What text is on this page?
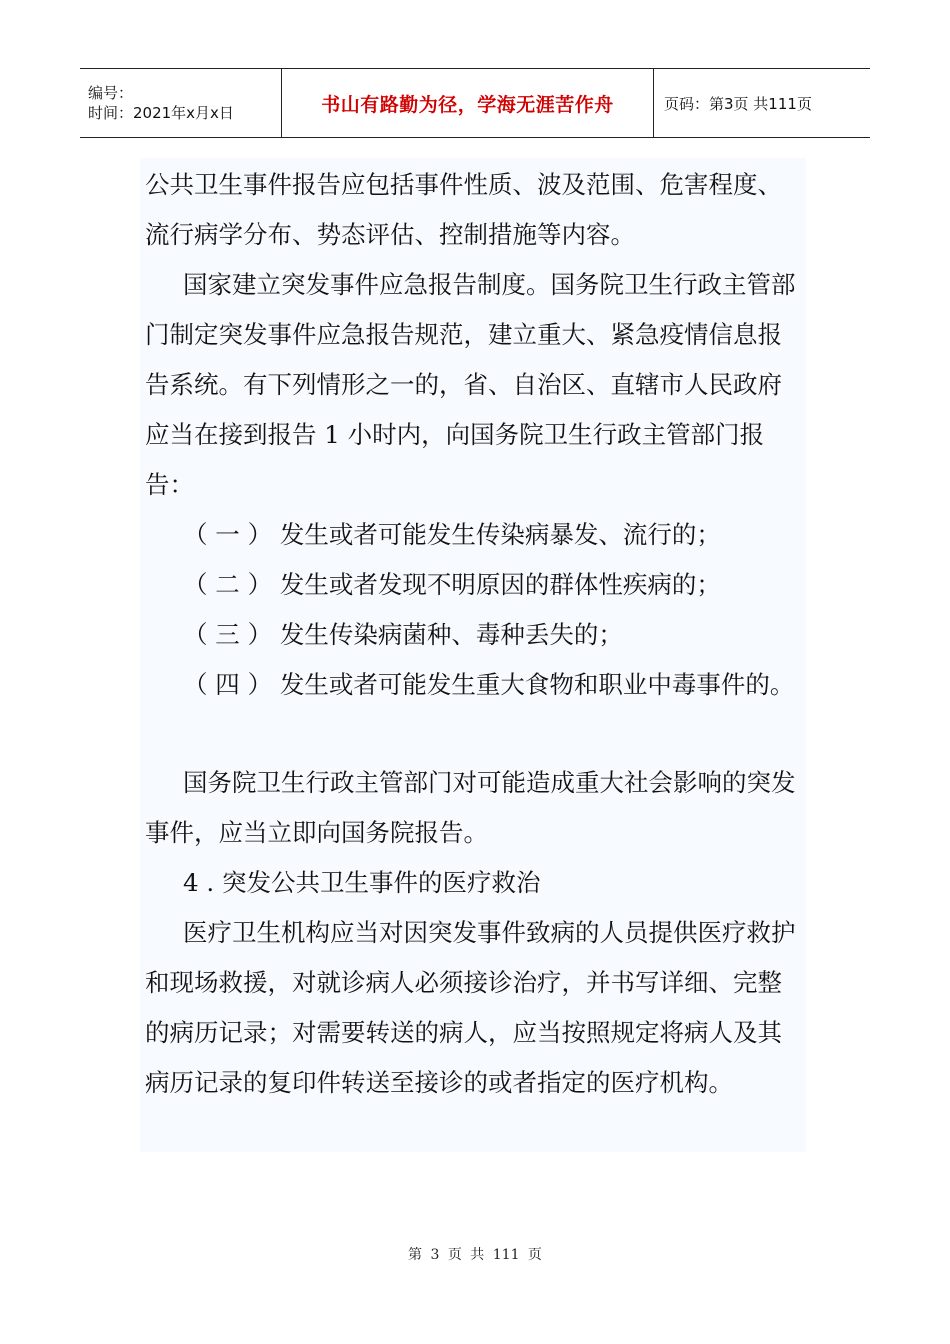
编号：
时间：2021年x月x日	书山有路勤为径，学海无涯苦作舟	页码：第3页 共111页

公共卫生事件报告应包括事件性质、波及范围、危害程度、流行病学分布、势态评估、控制措施等内容。

国家建立突发事件应急报告制度。国务院卫生行政主管部门制定突发事件应急报告规范，建立重大、紧急疫情信息报告系统。有下列情形之一的，省、自治区、直辖市人民政府应当在接到报告 1 小时内，向国务院卫生行政主管部门报告：

（ 一 ） 发生或者可能发生传染病暴发、流行的；

（ 二 ） 发生或者发现不明原因的群体性疾病的；

（ 三 ） 发生传染病菌种、毒种丢失的；

（ 四 ） 发生或者可能发生重大食物和职业中毒事件的。

国务院卫生行政主管部门对可能造成重大社会影响的突发事件，应当立即向国务院报告。

4 . 突发公共卫生事件的医疗救治

医疗卫生机构应当对因突发事件致病的人员提供医疗救护和现场救援，对就诊病人必须接诊治疗，并书写详细、完整的病历记录；对需要转送的病人，应当按照规定将病人及其病历记录的复印件转送至接诊的或者指定的医疗机构。

第 3 页 共 111 页
